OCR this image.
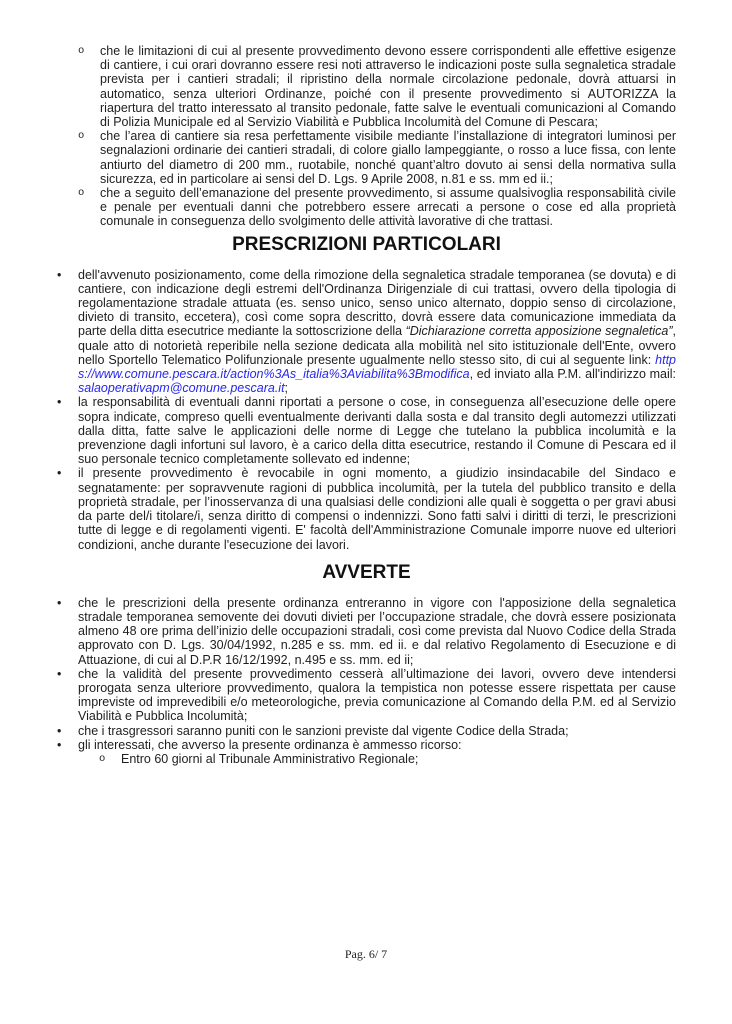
o	che le limitazioni di cui al presente provvedimento devono essere corrispondenti alle effettive esigenze di cantiere, i cui orari dovranno essere resi noti attraverso le indicazioni poste sulla segnaletica stradale prevista per i cantieri stradali; il ripristino della normale circolazione pedonale, dovrà attuarsi in automatico, senza ulteriori Ordinanze, poiché con il presente provvedimento si AUTORIZZA la riapertura del tratto interessato al transito pedonale, fatte salve le eventuali comunicazioni al Comando di Polizia Municipale ed al Servizio Viabilità e Pubblica Incolumità del Comune di Pescara;
o	che l’area di cantiere sia resa perfettamente visibile mediante l’installazione di integratori luminosi per segnalazioni ordinarie dei cantieri stradali, di colore giallo lampeggiante, o rosso a luce fissa, con lente antiurto del diametro di 200 mm., ruotabile, nonché quant’altro dovuto ai sensi della normativa sulla sicurezza, ed in particolare ai sensi del D. Lgs. 9 Aprile 2008, n.81 e ss. mm ed ii.;
o	che a seguito dell’emanazione del presente provvedimento, si assume qualsivoglia responsabilità civile e penale per eventuali danni che potrebbero essere arrecati a persone o cose ed alla proprietà comunale in conseguenza dello svolgimento delle attività lavorative di che trattasi.
PRESCRIZIONI PARTICOLARI
•	dell'avvenuto posizionamento, come della rimozione della segnaletica stradale temporanea (se dovuta) e di cantiere, con indicazione degli estremi dell'Ordinanza Dirigenziale di cui trattasi, ovvero della tipologia di regolamentazione stradale attuata (es. senso unico, senso unico alternato, doppio senso di circolazione, divieto di transito, eccetera), così come sopra descritto, dovrà essere data comunicazione immediata da parte della ditta esecutrice mediante la sottoscrizione della “Dichiarazione corretta apposizione segnaletica”, quale atto di notorietà reperibile nella sezione dedicata alla mobilità nel sito istituzionale dell'Ente, ovvero nello Sportello Telematico Polifunzionale presente ugualmente nello stesso sito, di cui al seguente link: https://www.comune.pescara.it/action%3As_italia%3Aviabilita%3Bmodifica, ed inviato alla P.M. all'indirizzo mail: salaoperativapm@comune.pescara.it;
•	la responsabilità di eventuali danni riportati a persone o cose, in conseguenza all’esecuzione delle opere sopra indicate, compreso quelli eventualmente derivanti dalla sosta e dal transito degli automezzi utilizzati dalla ditta, fatte salve le applicazioni delle norme di Legge che tutelano la pubblica incolumità e la prevenzione dagli infortuni sul lavoro, è a carico della ditta esecutrice, restando il Comune di Pescara ed il suo personale tecnico completamente sollevato ed indenne;
•	il presente provvedimento è revocabile in ogni momento, a giudizio insindacabile del Sindaco e segnatamente: per sopravvenute ragioni di pubblica incolumità, per la tutela del pubblico transito e della proprietà stradale, per l’inosservanza di una qualsiasi delle condizioni alle quali è soggetta o per gravi abusi da parte del/i titolare/i, senza diritto di compensi o indennizzi. Sono fatti salvi i diritti di terzi, le prescrizioni tutte di legge e di regolamenti vigenti. E' facoltà dell'Amministrazione Comunale imporre nuove ed ulteriori condizioni, anche durante l'esecuzione dei lavori.
AVVERTE
•	che le prescrizioni della presente ordinanza entreranno in vigore con l'apposizione della segnaletica stradale temporanea semovente dei dovuti divieti per l’occupazione stradale, che dovrà essere posizionata almeno 48 ore prima dell’inizio delle occupazioni stradali, così come prevista dal Nuovo Codice della Strada approvato con D. Lgs. 30/04/1992, n.285 e ss. mm. ed ii. e dal relativo Regolamento di Esecuzione e di Attuazione, di cui al D.P.R 16/12/1992, n.495 e ss. mm. ed ii;
•	che la validità del presente provvedimento cesserà all’ultimazione dei lavori, ovvero deve intendersi prorogata senza ulteriore provvedimento, qualora la tempistica non potesse essere rispettata per cause impreviste od imprevedibili e/o meteorologiche, previa comunicazione al Comando della P.M. ed al Servizio Viabilità e Pubblica Incolumità;
•	che i trasgressori saranno puniti con le sanzioni previste dal vigente Codice della Strada;
•	gli interessati, che avverso la presente ordinanza è ammesso ricorso:
o	Entro 60 giorni al Tribunale Amministrativo Regionale;
Pag. 6/ 7
